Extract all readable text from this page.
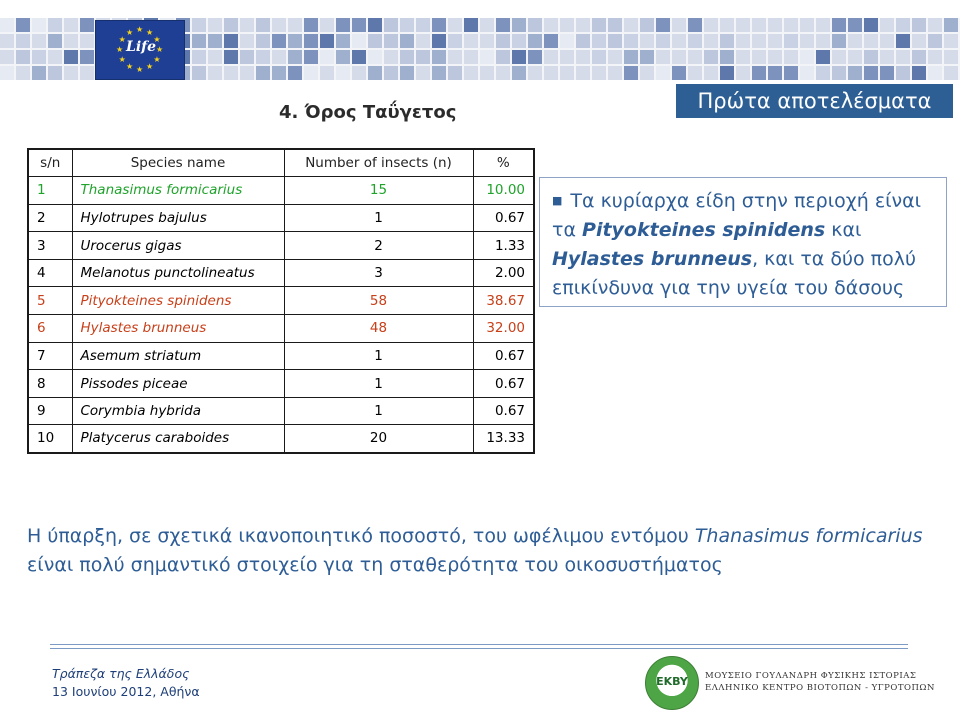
Life ★
★
★
★
★
★
★
★
★ ★ ★
★
Πρώτα αποτελέσματα
4. Όρος Ταΰγετος
s/n	Species name	Number of insects (n)	%
1	Thanasimus formicarius	15	10.00
2	Hylotrupes bajulus	1	0.67
3	Urocerus gigas	2	1.33
4	Melanotus punctolineatus	3	2.00
5	Pityokteines spinidens	58	38.67
6	Hylastes brunneus	48	32.00
7	Asemum striatum	1	0.67
8	Pissodes piceae	1	0.67
9	Corymbia hybrida	1	0.67
10	Platycerus caraboides	20	13.33
■ Τα κυρίαρχα είδη στην περιοχή είναι τα Pityokteines spinidens και Hylastes brunneus, και τα δύο πολύ επικίνδυνα για την υγεία του δάσους
Η ύπαρξη, σε σχετικά ικανοποιητικό ποσοστό, του ωφέλιμου εντόμου Thanasimus formicarius είναι πολύ σημαντικό στοιχείο για τη σταθερότητα του οικοσυστήματος
Τράπεζα της Ελλάδος
13 Ιουνίου 2012, Αθήνα
EKBY	ΜΟΥΣΕΙΟ ΓΟΥΛΑΝΔΡΗ ΦΥΣΙΚΗΣ ΙΣΤΟΡΙΑΣ
ΕΛΛΗΝΙΚΟ ΚΕΝΤΡΟ ΒΙΟΤΟΠΩΝ - ΥΓΡΟΤΟΠΩΝ
